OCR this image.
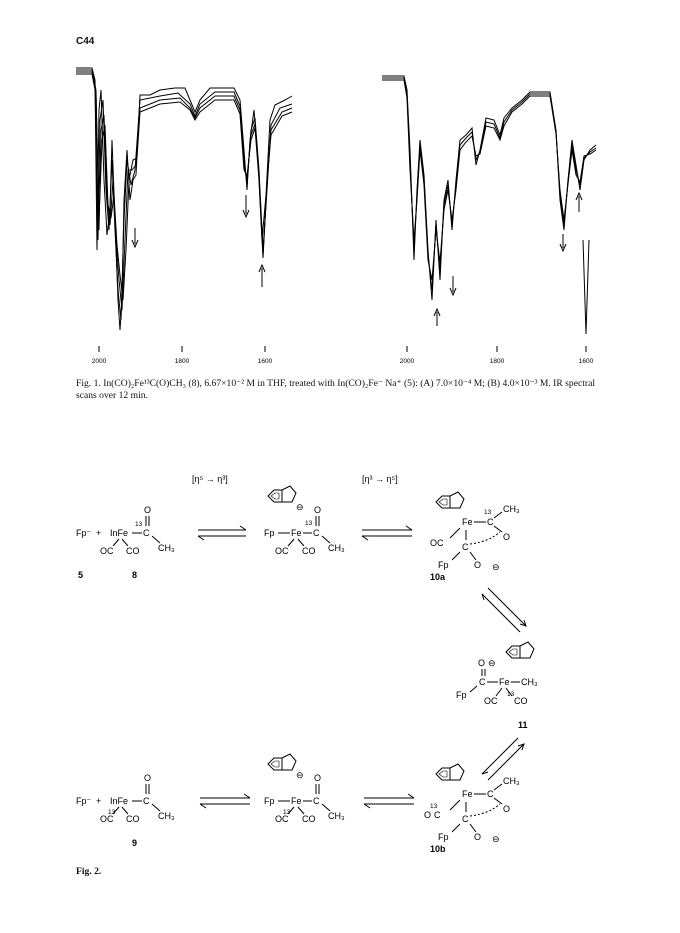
C44
2000	1800	1600	2000	1800	1600
Fig. 1. In(CO)₂Fe¹³C(O)CH₃ (8), 6.67×10⁻² M in THF, treated with In(CO)₂Fe⁻ Na⁺ (5): (A) 7.0×10⁻⁴ M; (B) 4.0×10⁻³ M. IR spectral scans over 12 min.
[η⁵ → η³]	[η³ → η⁵]
Fp⁻ + InFe C
13
O
CH₃
OC CO
5	8
⊖
Fp Fe C
13
O
CH₃
OC CO
Fe C
13 CH₃
O
OC C
Fp	O ⊖
10a
O ⊖
C Fe CH₃
Fp
OC
13
CO
11
Fp⁻ + InFe C
O
CH₃
OC
13
CO
9
⊖
Fp Fe C
O
CH₃
OC
13
CO
Fe C
CH₃
O
O C
13
C
Fp	O ⊖
10b
Fig. 2.
